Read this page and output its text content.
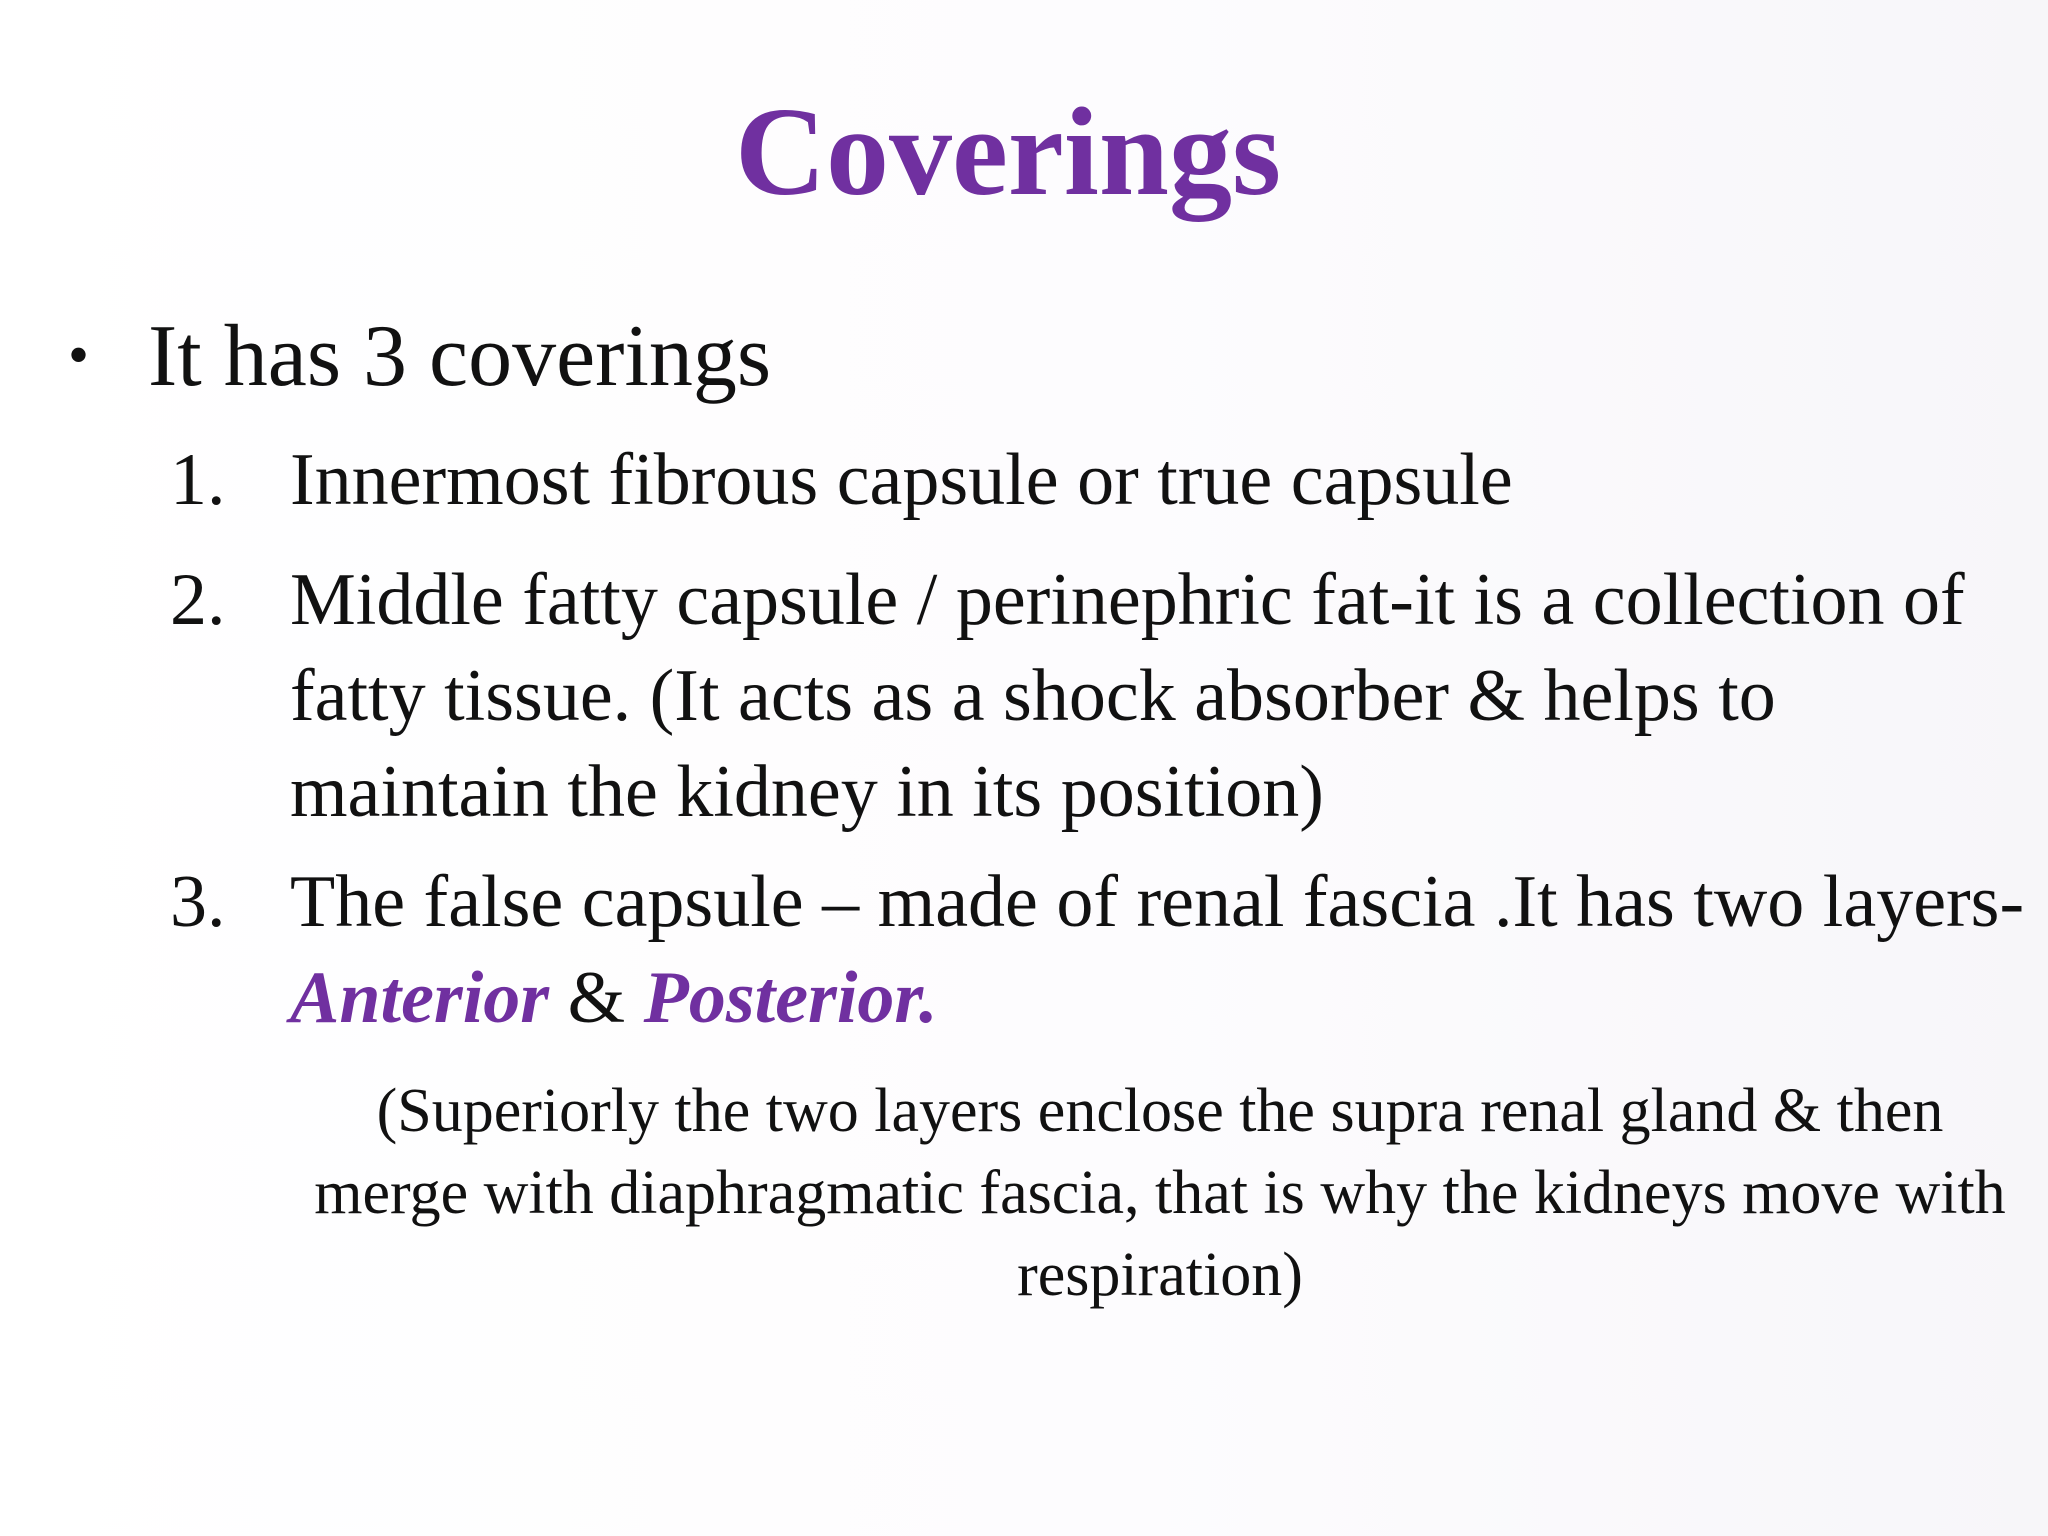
Coverings
• It has 3 coverings
1. Innermost fibrous capsule or true capsule
2. Middle fatty capsule / perinephric fat-it is a collection of fatty tissue. (It acts as a shock absorber & helps to maintain the kidney in its position)
3. The false capsule – made of renal fascia .It has two layers-Anterior & Posterior.

(Superiorly the two layers enclose the supra renal gland & then merge with diaphragmatic fascia, that is why the kidneys move with respiration)
